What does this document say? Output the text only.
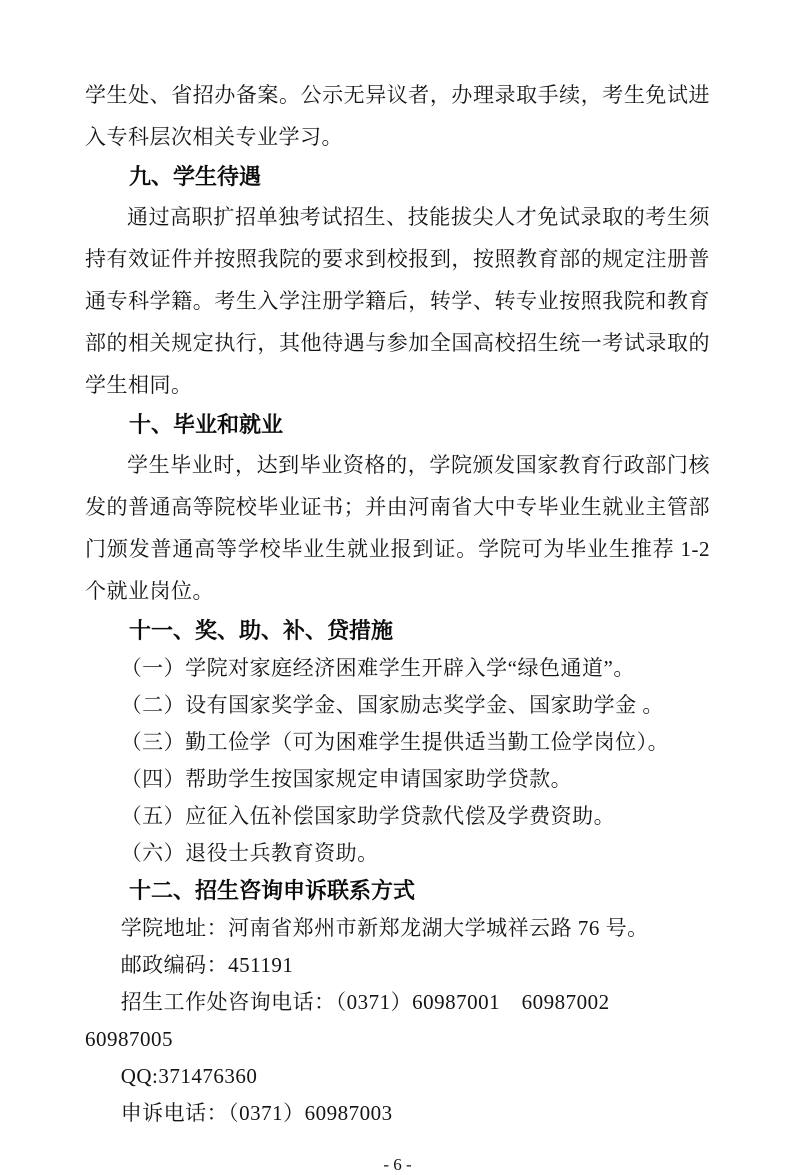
学生处、省招办备案。公示无异议者，办理录取手续，考生免试进入专科层次相关专业学习。

九、学生待遇

通过高职扩招单独考试招生、技能拔尖人才免试录取的考生须持有效证件并按照我院的要求到校报到，按照教育部的规定注册普通专科学籍。考生入学注册学籍后，转学、转专业按照我院和教育部的相关规定执行，其他待遇与参加全国高校招生统一考试录取的学生相同。

十、毕业和就业

学生毕业时，达到毕业资格的，学院颁发国家教育行政部门核发的普通高等院校毕业证书；并由河南省大中专毕业生就业主管部门颁发普通高等学校毕业生就业报到证。学院可为毕业生推荐 1-2 个就业岗位。

十一、奖、助、补、贷措施

（一）学院对家庭经济困难学生开辟入学“绿色通道”。

（二）设有国家奖学金、国家励志奖学金、国家助学金 。

（三）勤工俭学（可为困难学生提供适当勤工俭学岗位）。

（四）帮助学生按国家规定申请国家助学贷款。

（五）应征入伍补偿国家助学贷款代偿及学费资助。

（六）退役士兵教育资助。

十二、招生咨询申诉联系方式

学院地址：河南省郑州市新郑龙湖大学城祥云路 76 号。

邮政编码：451191

招生工作处咨询电话：（0371）60987001　60987002　60987005

QQ:371476360

申诉电话：（0371）60987003

- 6 -
